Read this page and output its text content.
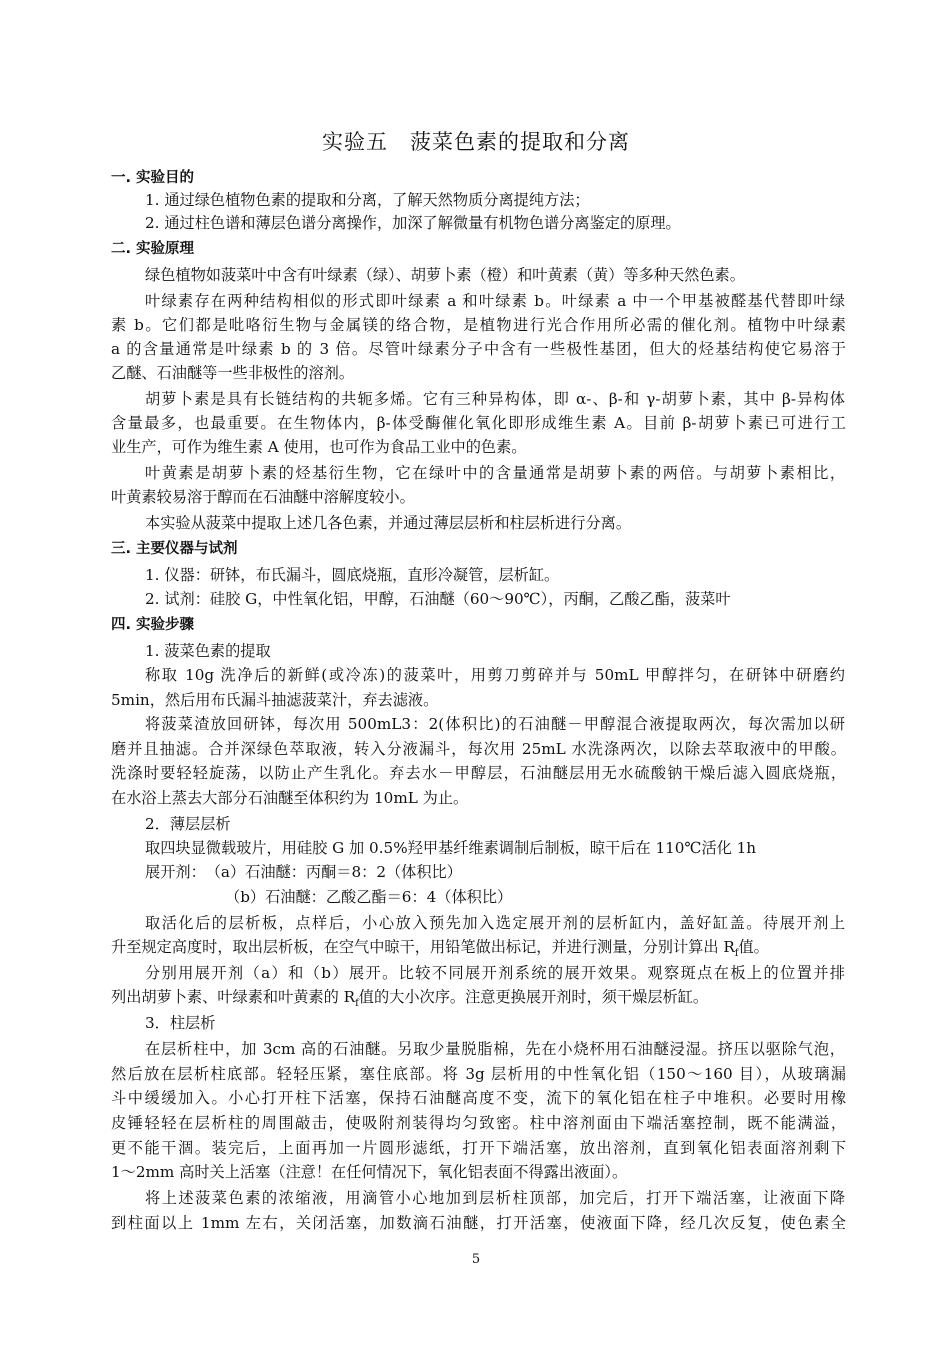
实验五　菠菜色素的提取和分离
一. 实验目的
1. 通过绿色植物色素的提取和分离，了解天然物质分离提纯方法；
2. 通过柱色谱和薄层色谱分离操作，加深了解微量有机物色谱分离鉴定的原理。
二. 实验原理
绿色植物如菠菜叶中含有叶绿素（绿）、胡萝卜素（橙）和叶黄素（黄）等多种天然色素。
叶绿素存在两种结构相似的形式即叶绿素 a 和叶绿素 b。叶绿素 a 中一个甲基被醛基代替即叶绿
素 b。它们都是吡咯衍生物与金属镁的络合物，是植物进行光合作用所必需的催化剂。植物中叶绿素
a 的含量通常是叶绿素 b 的 3 倍。尽管叶绿素分子中含有一些极性基团，但大的烃基结构使它易溶于
乙醚、石油醚等一些非极性的溶剂。
胡萝卜素是具有长链结构的共轭多烯。它有三种异构体，即 α-、β-和 γ-胡萝卜素，其中 β-异构体
含量最多，也最重要。在生物体内，β-体受酶催化氧化即形成维生素 A。目前 β-胡萝卜素已可进行工
业生产，可作为维生素 A 使用，也可作为食品工业中的色素。
叶黄素是胡萝卜素的烃基衍生物，它在绿叶中的含量通常是胡萝卜素的两倍。与胡萝卜素相比，
叶黄素较易溶于醇而在石油醚中溶解度较小。
本实验从菠菜中提取上述几各色素，并通过薄层层析和柱层析进行分离。
三. 主要仪器与试剂
1. 仪器：研钵，布氏漏斗，圆底烧瓶，直形冷凝管，层析缸。
2. 试剂：硅胶 G，中性氧化铝，甲醇，石油醚（60～90℃），丙酮，乙酸乙酯，菠菜叶
四. 实验步骤
1. 菠菜色素的提取
称取 10g 洗净后的新鲜(或冷冻)的菠菜叶，用剪刀剪碎并与 50mL 甲醇拌匀，在研钵中研磨约
5min，然后用布氏漏斗抽滤菠菜汁，弃去滤液。
将菠菜渣放回研钵，每次用 500mL3：2(体积比)的石油醚－甲醇混合液提取两次，每次需加以研
磨并且抽滤。合并深绿色萃取液，转入分液漏斗，每次用 25mL 水洗涤两次，以除去萃取液中的甲酸。
洗涤时要轻轻旋荡，以防止产生乳化。弃去水－甲醇层，石油醚层用无水硫酸钠干燥后滤入圆底烧瓶，
在水浴上蒸去大部分石油醚至体积约为 10mL 为止。
2．薄层层析
取四块显微载玻片，用硅胶 G 加 0.5%羟甲基纤维素调制后制板，晾干后在 110℃活化 1h
展开剂：　（a）石油醚：丙酮＝8：2（体积比）
（b）石油醚：乙酸乙酯＝6：4（体积比）
取活化后的层析板，点样后，小心放入预先加入选定展开剂的层析缸内，盖好缸盖。待展开剂上
升至规定高度时，取出层析板，在空气中晾干，用铅笔做出标记，并进行测量，分别计算出 $R_f$值。
分别用展开剂（a）和（b）展开。比较不同展开剂系统的展开效果。观察斑点在板上的位置并排
列出胡萝卜素、叶绿素和叶黄素的 $R_f$值的大小次序。注意更换展开剂时，须干燥层析缸。
3．柱层析
在层析柱中，加 3cm 高的石油醚。另取少量脱脂棉，先在小烧杯用石油醚浸湿。挤压以驱除气泡，
然后放在层析柱底部。轻轻压紧，塞住底部。将 3g 层析用的中性氧化铝（150～160 目），从玻璃漏
斗中缓缓加入。小心打开柱下活塞，保持石油醚高度不变，流下的氧化铝在柱子中堆积。必要时用橡
皮锤轻轻在层析柱的周围敲击，使吸附剂装得均匀致密。柱中溶剂面由下端活塞控制，既不能满溢，
更不能干涸。装完后，上面再加一片圆形滤纸，打开下端活塞，放出溶剂，直到氧化铝表面溶剂剩下
1～2mm 高时关上活塞（注意！在任何情况下，氧化铝表面不得露出液面）。
将上述菠菜色素的浓缩液，用滴管小心地加到层析柱顶部，加完后，打开下端活塞，让液面下降
到柱面以上 1mm 左右，关闭活塞，加数滴石油醚，打开活塞，使液面下降，经几次反复，使色素全
5
